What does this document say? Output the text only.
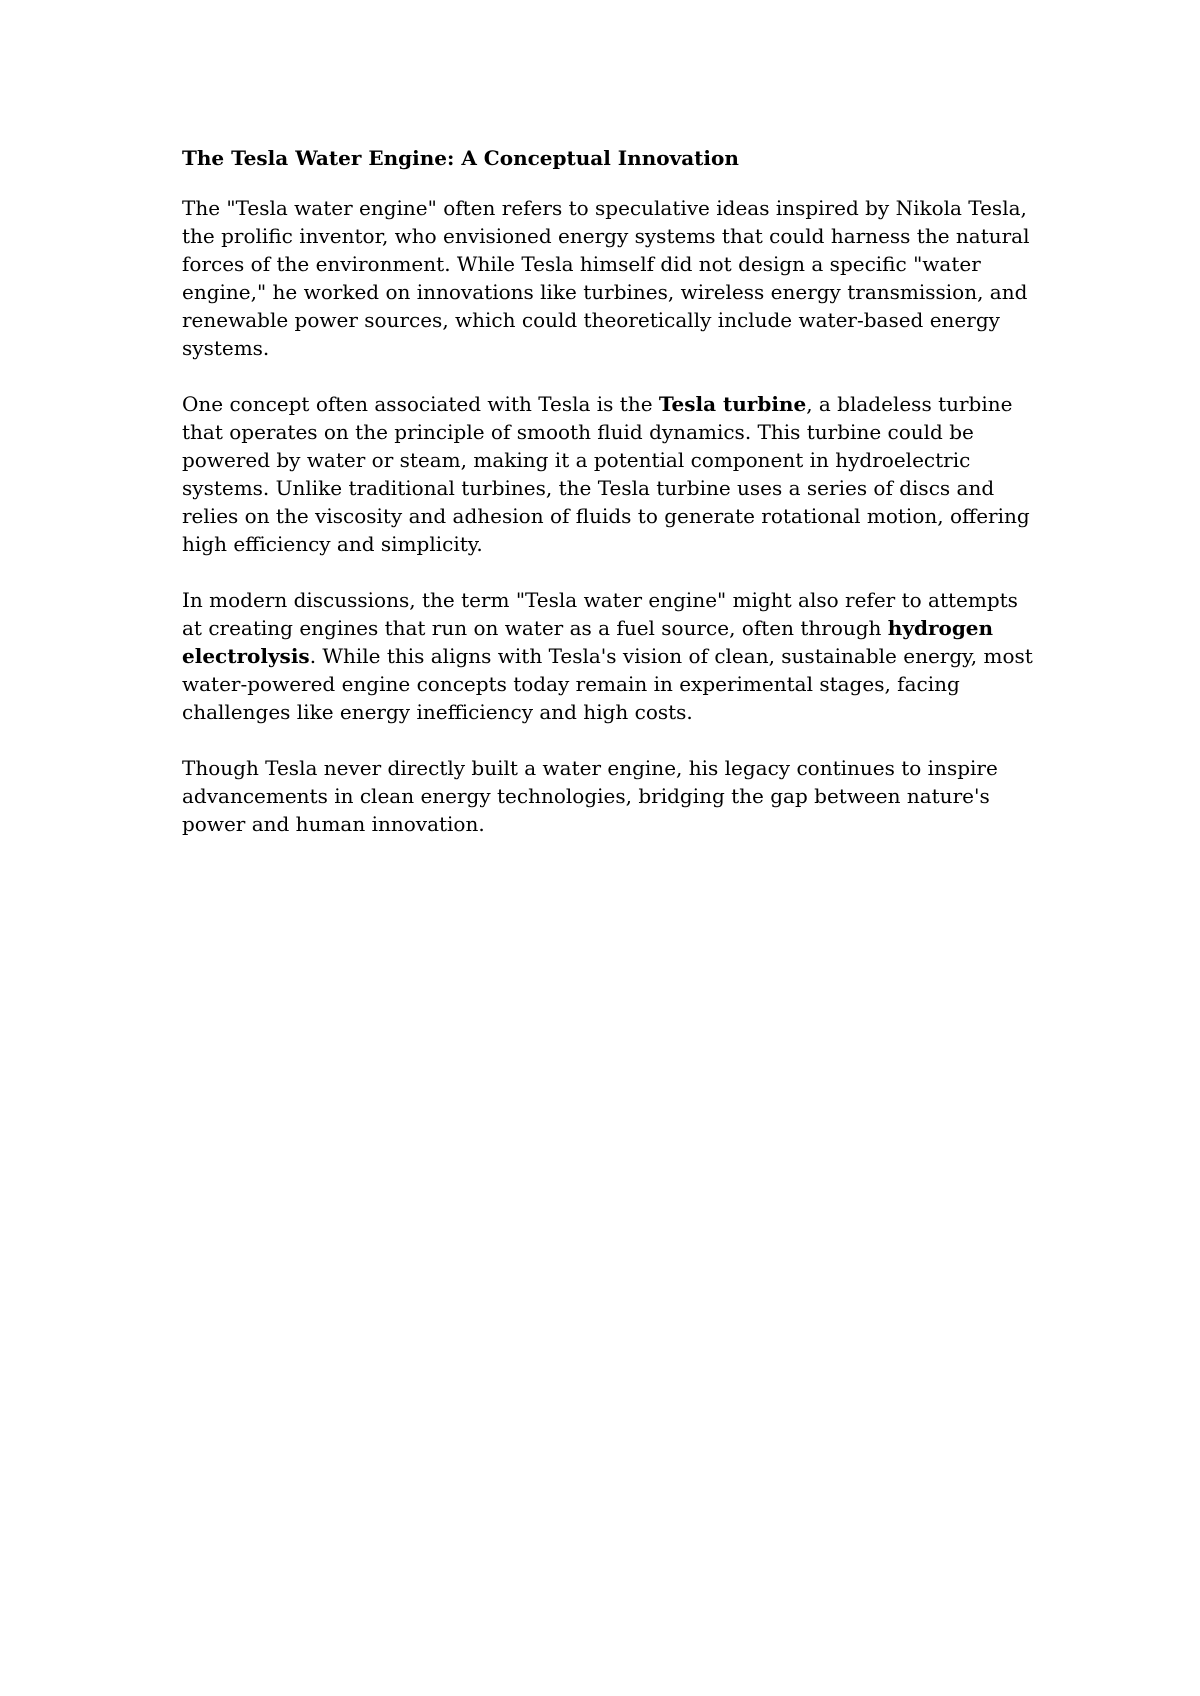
The Tesla Water Engine: A Conceptual Innovation

The "Tesla water engine" often refers to speculative ideas inspired by Nikola Tesla, the prolific inventor, who envisioned energy systems that could harness the natural forces of the environment. While Tesla himself did not design a specific "water engine," he worked on innovations like turbines, wireless energy transmission, and renewable power sources, which could theoretically include water-based energy systems.

One concept often associated with Tesla is the Tesla turbine, a bladeless turbine that operates on the principle of smooth fluid dynamics. This turbine could be powered by water or steam, making it a potential component in hydroelectric systems. Unlike traditional turbines, the Tesla turbine uses a series of discs and relies on the viscosity and adhesion of fluids to generate rotational motion, offering high efficiency and simplicity.

In modern discussions, the term "Tesla water engine" might also refer to attempts at creating engines that run on water as a fuel source, often through hydrogen electrolysis. While this aligns with Tesla's vision of clean, sustainable energy, most water-powered engine concepts today remain in experimental stages, facing challenges like energy inefficiency and high costs.

Though Tesla never directly built a water engine, his legacy continues to inspire advancements in clean energy technologies, bridging the gap between nature's power and human innovation.
